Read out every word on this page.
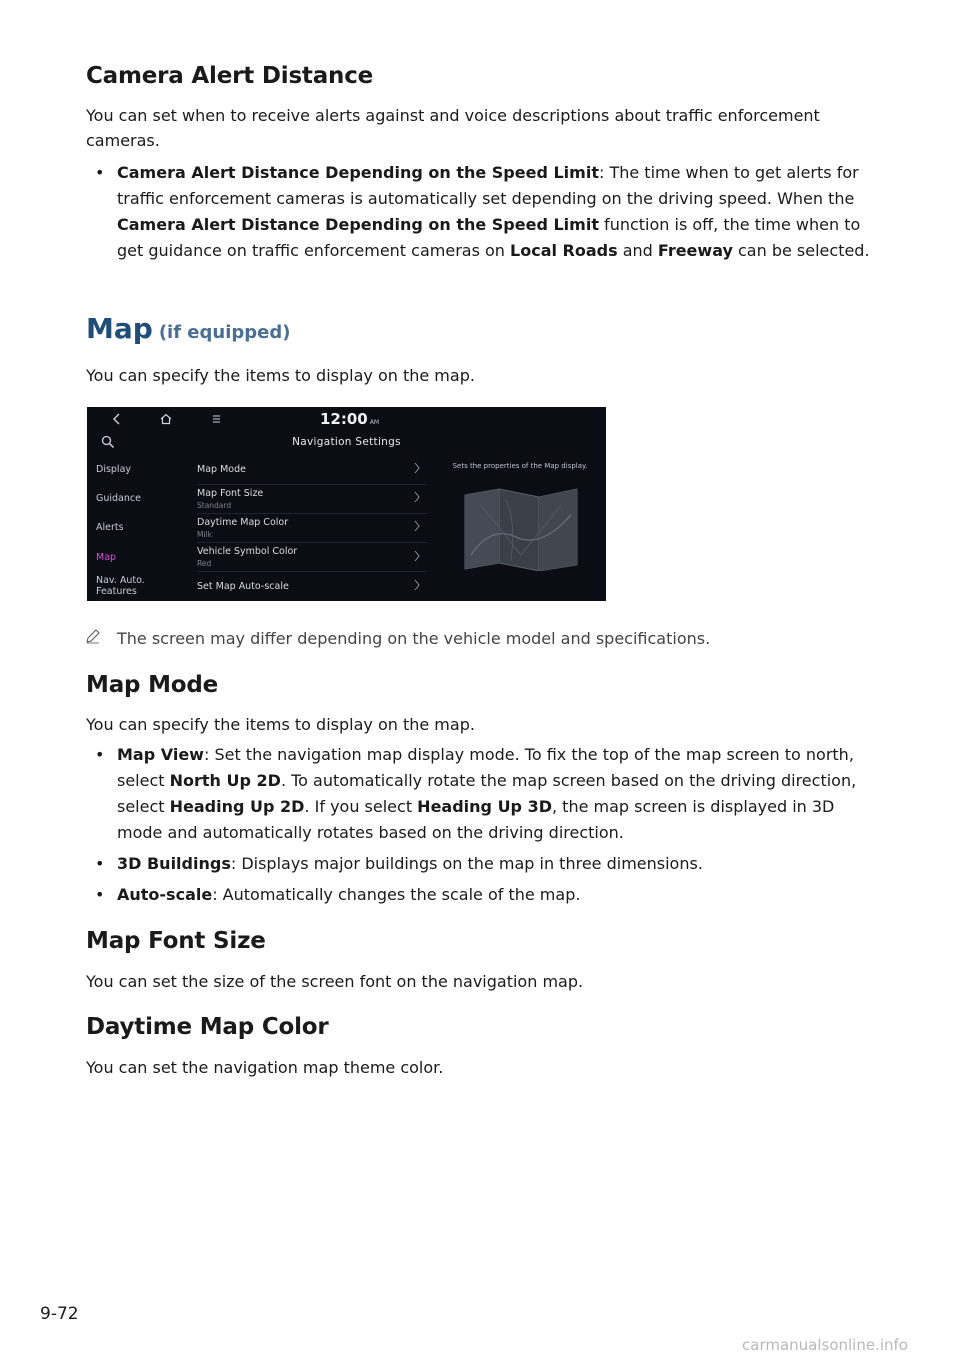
Camera Alert Distance

You can set when to receive alerts against and voice descriptions about traffic enforcement cameras.

• Camera Alert Distance Depending on the Speed Limit: The time when to get alerts for traffic enforcement cameras is automatically set depending on the driving speed. When the Camera Alert Distance Depending on the Speed Limit function is off, the time when to get guidance on traffic enforcement cameras on Local Roads and Freeway can be selected.
Map (if equipped)

You can specify the items to display on the map.

12:00 AM
Navigation Settings
Display
Guidance
Alerts
Map
Nav. Auto.
Features
Map Mode
Map Font Size
Standard
Daytime Map Color
Milk
Vehicle Symbol Color
Red
Set Map Auto-scale
Sets the properties of the Map display.

The screen may differ depending on the vehicle model and specifications.

Map Mode

You can specify the items to display on the map.

• Map View: Set the navigation map display mode. To fix the top of the map screen to north, select North Up 2D. To automatically rotate the map screen based on the driving direction, select Heading Up 2D. If you select Heading Up 3D, the map screen is displayed in 3D mode and automatically rotates based on the driving direction.
• 3D Buildings: Displays major buildings on the map in three dimensions.
• Auto-scale: Automatically changes the scale of the map.
Map Font Size

You can set the size of the screen font on the navigation map.

Daytime Map Color

You can set the navigation map theme color.

9-72
carmanualsonline.info
